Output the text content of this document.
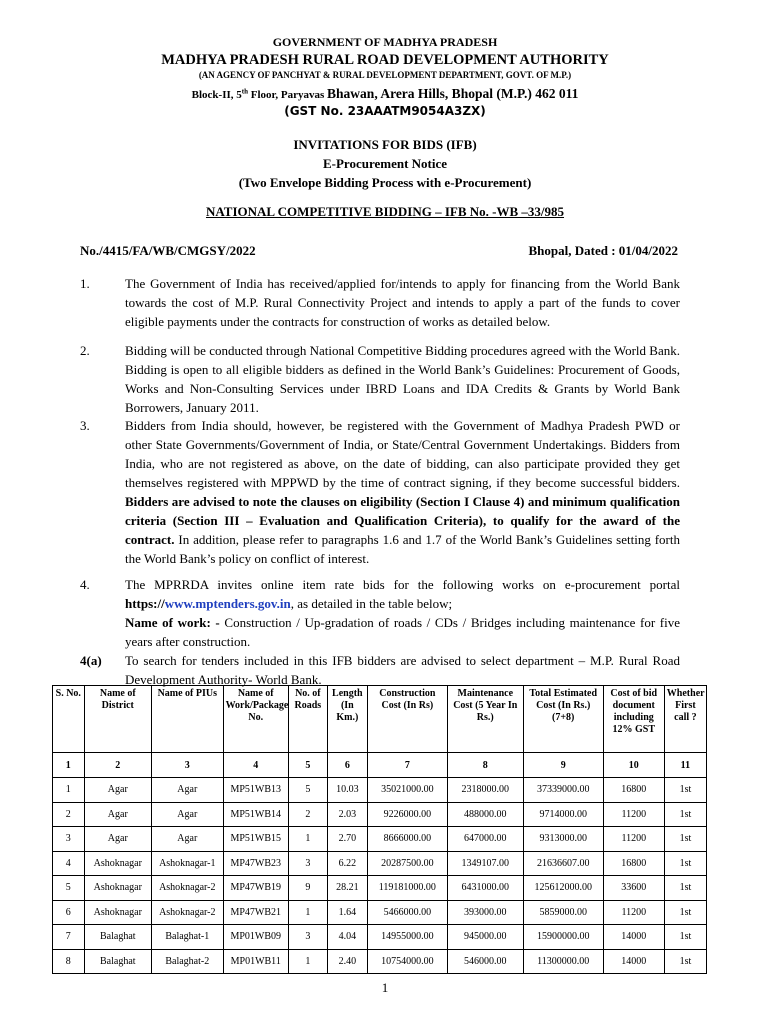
GOVERNMENT OF MADHYA PRADESH
MADHYA PRADESH RURAL ROAD DEVELOPMENT AUTHORITY
(AN AGENCY OF PANCHYAT & RURAL DEVELOPMENT DEPARTMENT, GOVT. OF M.P.)
Block-II, 5th Floor, Paryavas Bhawan, Arera Hills, Bhopal (M.P.) 462 011
(GST No. 23AAATM9054A3ZX)
INVITATIONS FOR BIDS (IFB)
E-Procurement Notice
(Two Envelope Bidding Process with e-Procurement)
NATIONAL COMPETITIVE BIDDING – IFB No. -WB –33/985
No./4415/FA/WB/CMGSY/2022	Bhopal, Dated : 01/04/2022
1.	The Government of India has received/applied for/intends to apply for financing from the World Bank towards the cost of M.P. Rural Connectivity Project and intends to apply a part of the funds to cover eligible payments under the contracts for construction of works as detailed below.
2.	Bidding will be conducted through National Competitive Bidding procedures agreed with the World Bank. Bidding is open to all eligible bidders as defined in the World Bank’s Guidelines: Procurement of Goods, Works and Non-Consulting Services under IBRD Loans and IDA Credits & Grants by World Bank Borrowers, January 2011.
3.	Bidders from India should, however, be registered with the Government of Madhya Pradesh PWD or other State Governments/Government of India, or State/Central Government Undertakings. Bidders from India, who are not registered as above, on the date of bidding, can also participate provided they get themselves registered with MPPWD by the time of contract signing, if they become successful bidders. Bidders are advised to note the clauses on eligibility (Section I Clause 4) and minimum qualification criteria (Section III – Evaluation and Qualification Criteria), to qualify for the award of the contract. In addition, please refer to paragraphs 1.6 and 1.7 of the World Bank’s Guidelines setting forth the World Bank’s policy on conflict of interest.
4.	The MPRRDA invites online item rate bids for the following works on e-procurement portal https://www.mptenders.gov.in, as detailed in the table below;
Name of work: - Construction / Up-gradation of roads / CDs / Bridges including maintenance for five years after construction.
4(a) To search for tenders included in this IFB bidders are advised to select department – M.P. Rural Road Development Authority- World Bank.
S. No.	Name of District	Name of PIUs	Name of Work/Package No.	No. of Roads	Length (In Km.)	Construction Cost (In Rs)	Maintenance Cost (5 Year In Rs.)	Total Estimated Cost (In Rs.) (7+8)	Cost of bid document including 12% GST	Whether First call ?
1	2	3	4	5	6	7	8	9	10	11
1	Agar	Agar	MP51WB13	5	10.03	35021000.00	2318000.00	37339000.00	16800	1st
2	Agar	Agar	MP51WB14	2	2.03	9226000.00	488000.00	9714000.00	11200	1st
3	Agar	Agar	MP51WB15	1	2.70	8666000.00	647000.00	9313000.00	11200	1st
4	Ashoknagar	Ashoknagar-1	MP47WB23	3	6.22	20287500.00	1349107.00	21636607.00	16800	1st
5	Ashoknagar	Ashoknagar-2	MP47WB19	9	28.21	119181000.00	6431000.00	125612000.00	33600	1st
6	Ashoknagar	Ashoknagar-2	MP47WB21	1	1.64	5466000.00	393000.00	5859000.00	11200	1st
7	Balaghat	Balaghat-1	MP01WB09	3	4.04	14955000.00	945000.00	15900000.00	14000	1st
8	Balaghat	Balaghat-2	MP01WB11	1	2.40	10754000.00	546000.00	11300000.00	14000	1st
1
